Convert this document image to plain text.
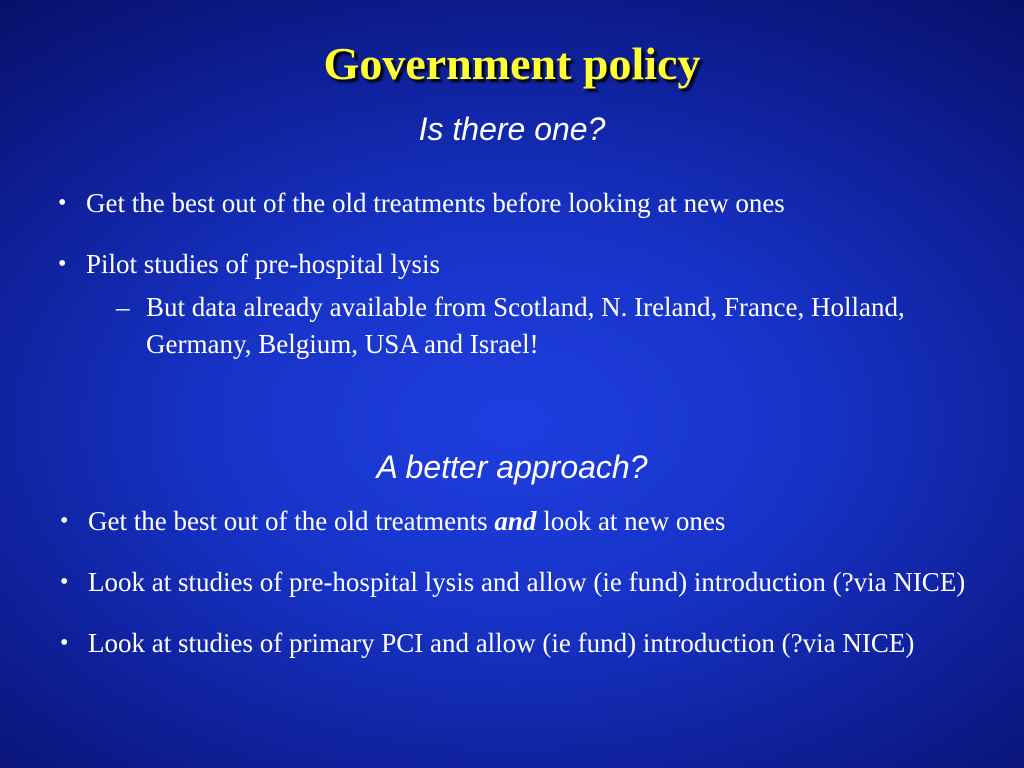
Government policy
Is there one?
• Get the best out of the old treatments before looking at new ones
• Pilot studies of pre-hospital lysis
– But data already available from Scotland, N. Ireland, France, Holland, Germany, Belgium, USA and Israel!
A better approach?
• Get the best out of the old treatments and look at new ones
• Look at studies of pre-hospital lysis and allow (ie fund) introduction (?via NICE)
• Look at studies of primary PCI and allow (ie fund) introduction (?via NICE)
